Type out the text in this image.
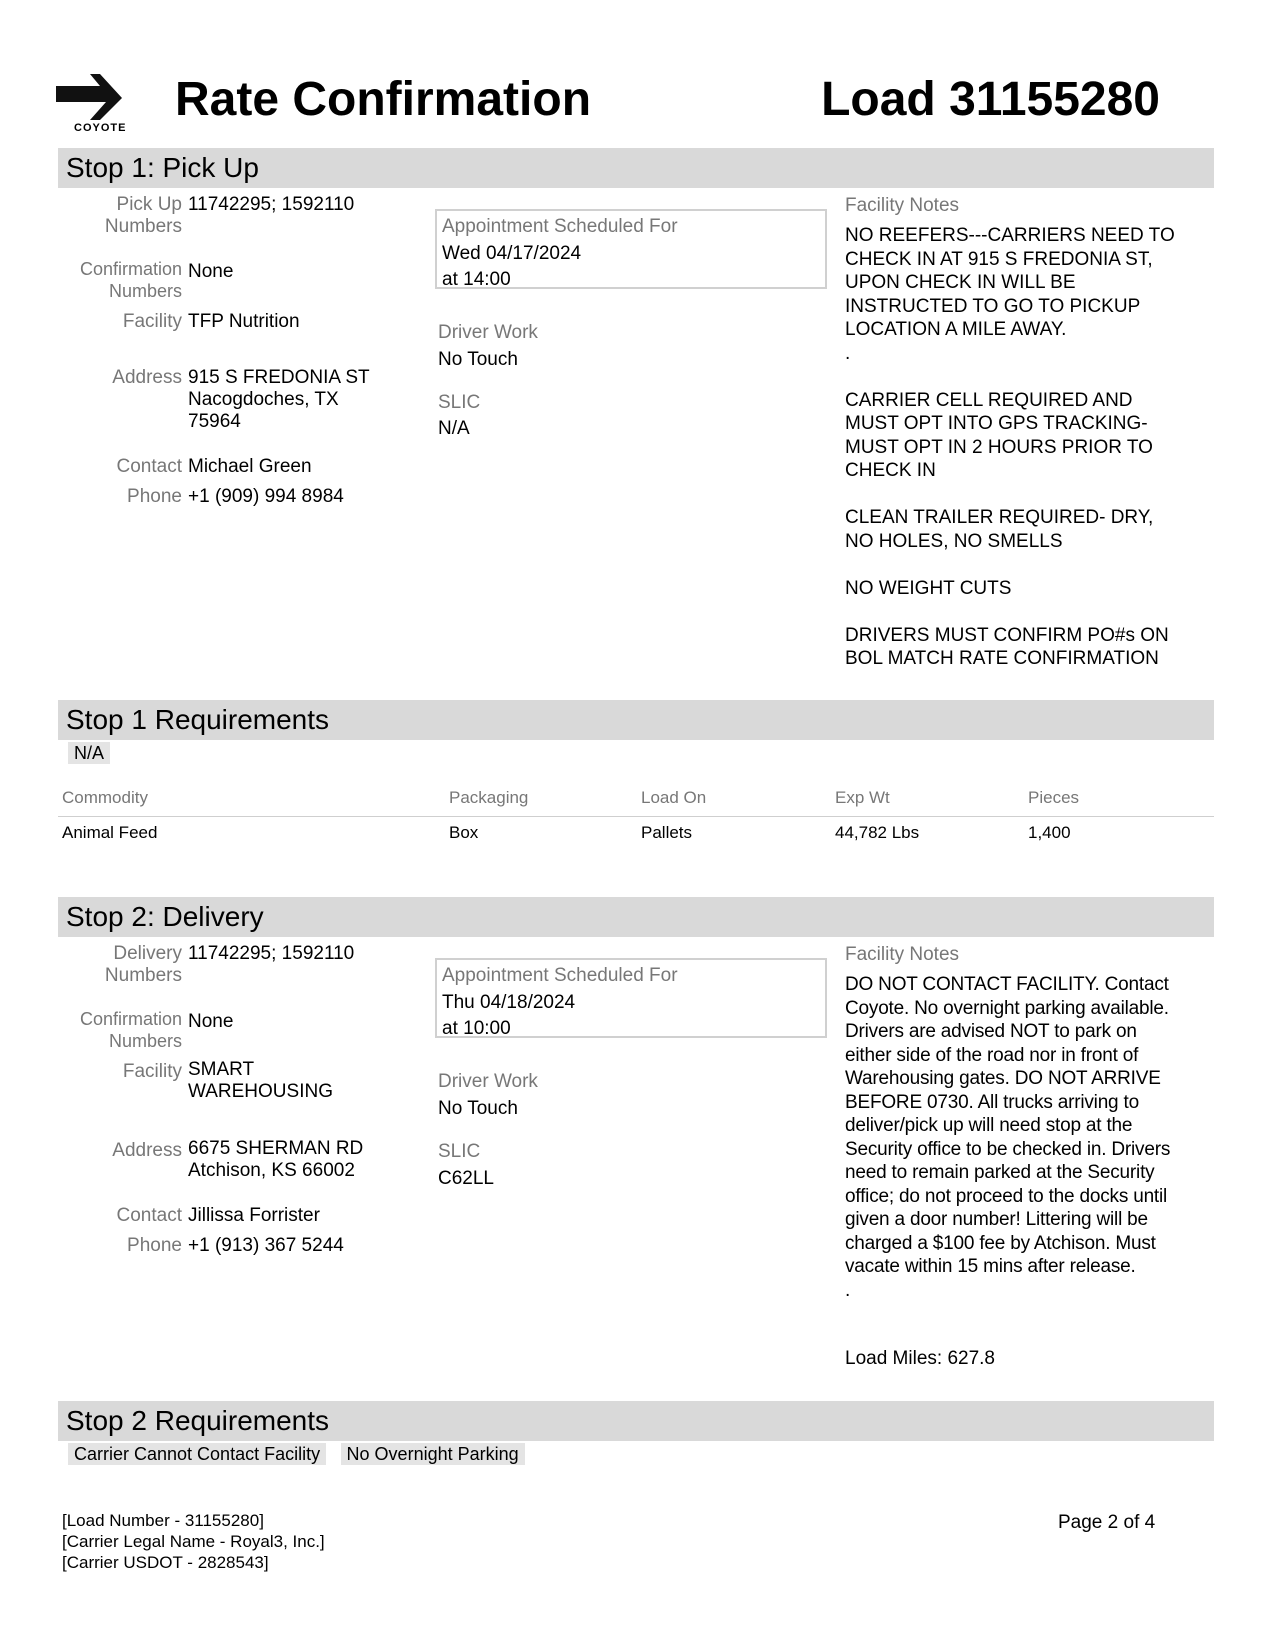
COYOTE
Rate Confirmation	Load 31155280
Stop 1: Pick Up
Pick Up
Numbers
11742295; 1592110
Confirmation
Numbers
None
Facility TFP Nutrition
Address 915 S FREDONIA ST
Nacogdoches, TX
75964
Contact Michael Green
Phone +1 (909) 994 8984
Appointment Scheduled For
Wed 04/17/2024
at 14:00
Driver Work
No Touch
SLIC
N/A
Facility Notes
NO REEFERS---CARRIERS NEED TO
CHECK IN AT 915 S FREDONIA ST,
UPON CHECK IN WILL BE
INSTRUCTED TO GO TO PICKUP
LOCATION A MILE AWAY.
.

CARRIER CELL REQUIRED AND
MUST OPT INTO GPS TRACKING-
MUST OPT IN 2 HOURS PRIOR TO
CHECK IN

CLEAN TRAILER REQUIRED- DRY,
NO HOLES, NO SMELLS

NO WEIGHT CUTS

DRIVERS MUST CONFIRM PO#s ON
BOL MATCH RATE CONFIRMATION
Stop 1 Requirements
N/A
Commodity	Packaging	Load On	Exp Wt	Pieces
Animal Feed	Box	Pallets	44,782 Lbs	1,400
Stop 2: Delivery
Delivery
Numbers
11742295; 1592110
Confirmation
Numbers
None
Facility SMART
WAREHOUSING
Address 6675 SHERMAN RD
Atchison, KS 66002
Contact Jillissa Forrister
Phone +1 (913) 367 5244
Appointment Scheduled For
Thu 04/18/2024
at 10:00
Driver Work
No Touch
SLIC
C62LL
Facility Notes
DO NOT CONTACT FACILITY. Contact
Coyote. No overnight parking available.
Drivers are advised NOT to park on
either side of the road nor in front of
Warehousing gates. DO NOT ARRIVE
BEFORE 0730. All trucks arriving to
deliver/pick up will need stop at the
Security office to be checked in. Drivers
need to remain parked at the Security
office; do not proceed to the docks until
given a door number! Littering will be
charged a $100 fee by Atchison. Must
vacate within 15 mins after release.
.
Load Miles: 627.8
Stop 2 Requirements
Carrier Cannot Contact Facility No Overnight Parking
[Load Number - 31155280]
[Carrier Legal Name - Royal3, Inc.]
[Carrier USDOT - 2828543]
Page 2 of 4
